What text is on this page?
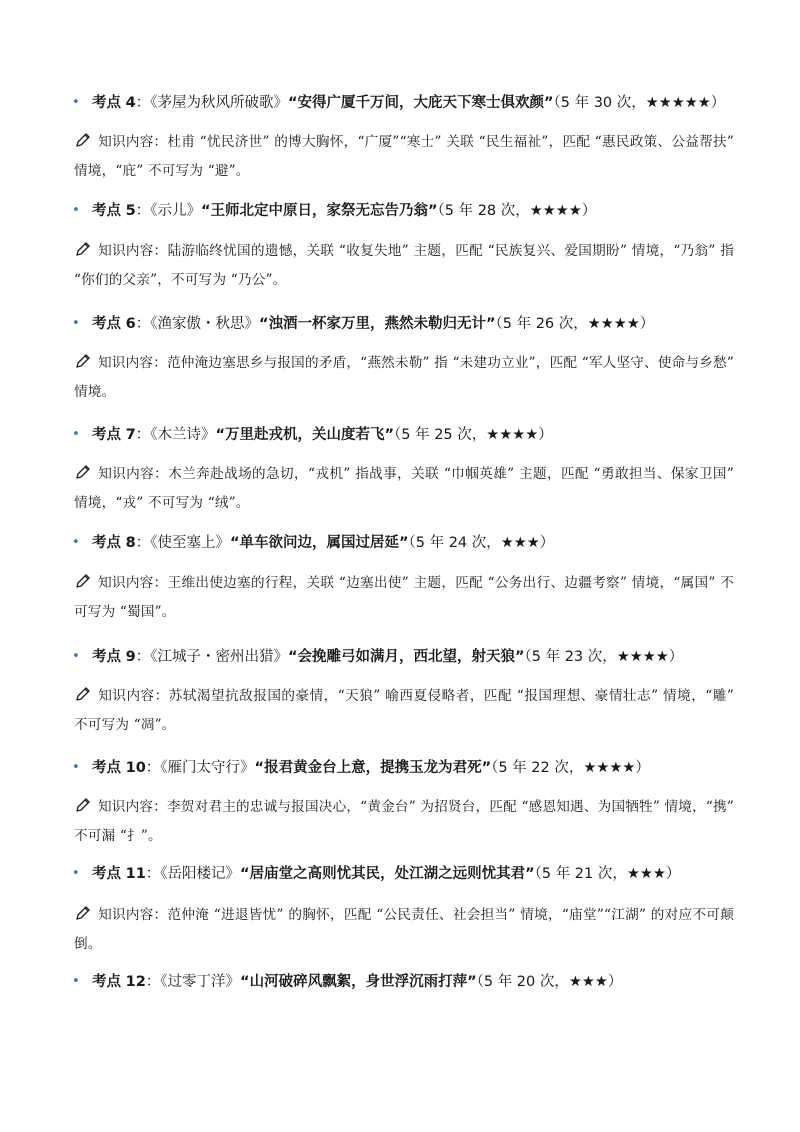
• 考点 4：《茅屋为秋风所破歌》“安得广厦千万间，大庇天下寒士俱欢颜”（5 年 30 次，★★★★★）
知识内容：杜甫 “忧民济世” 的博大胸怀，“广厦”“寒士” 关联 “民生福祉”，匹配 “惠民政策、公益帮扶” 情境，“庇” 不可写为 “避”。
• 考点 5：《示儿》“王师北定中原日，家祭无忘告乃翁”（5 年 28 次，★★★★）
知识内容：陆游临终忧国的遗憾，关联 “收复失地” 主题，匹配 “民族复兴、爱国期盼” 情境，“乃翁” 指 “你们的父亲”，不可写为 “乃公”。
• 考点 6：《渔家傲・秋思》“浊酒一杯家万里，燕然未勒归无计”（5 年 26 次，★★★★）
知识内容：范仲淹边塞思乡与报国的矛盾，“燕然未勒” 指 “未建功立业”，匹配 “军人坚守、使命与乡愁” 情境。
• 考点 7：《木兰诗》“万里赴戎机，关山度若飞”（5 年 25 次，★★★★）
知识内容：木兰奔赴战场的急切，“戎机” 指战事，关联 “巾帼英雄” 主题，匹配 “勇敢担当、保家卫国” 情境，“戎” 不可写为 “绒”。
• 考点 8：《使至塞上》“单车欲问边，属国过居延”（5 年 24 次，★★★）
知识内容：王维出使边塞的行程，关联 “边塞出使” 主题，匹配 “公务出行、边疆考察” 情境，“属国” 不可写为 “蜀国”。
• 考点 9：《江城子・密州出猎》“会挽雕弓如满月，西北望，射天狼”（5 年 23 次，★★★★）
知识内容：苏轼渴望抗敌报国的豪情，“天狼” 喻西夏侵略者，匹配 “报国理想、豪情壮志” 情境，“雕” 不可写为 “凋”。
• 考点 10：《雁门太守行》“报君黄金台上意，提携玉龙为君死”（5 年 22 次，★★★★）
知识内容：李贺对君主的忠诚与报国决心，“黄金台” 为招贤台，匹配 “感恩知遇、为国牺牲” 情境，“携” 不可漏 “扌”。
• 考点 11：《岳阳楼记》“居庙堂之高则忧其民，处江湖之远则忧其君”（5 年 21 次，★★★）
知识内容：范仲淹 “进退皆忧” 的胸怀，匹配 “公民责任、社会担当” 情境，“庙堂”“江湖” 的对应不可颠倒。
• 考点 12：《过零丁洋》“山河破碎风飘絮，身世浮沉雨打萍”（5 年 20 次，★★★）
